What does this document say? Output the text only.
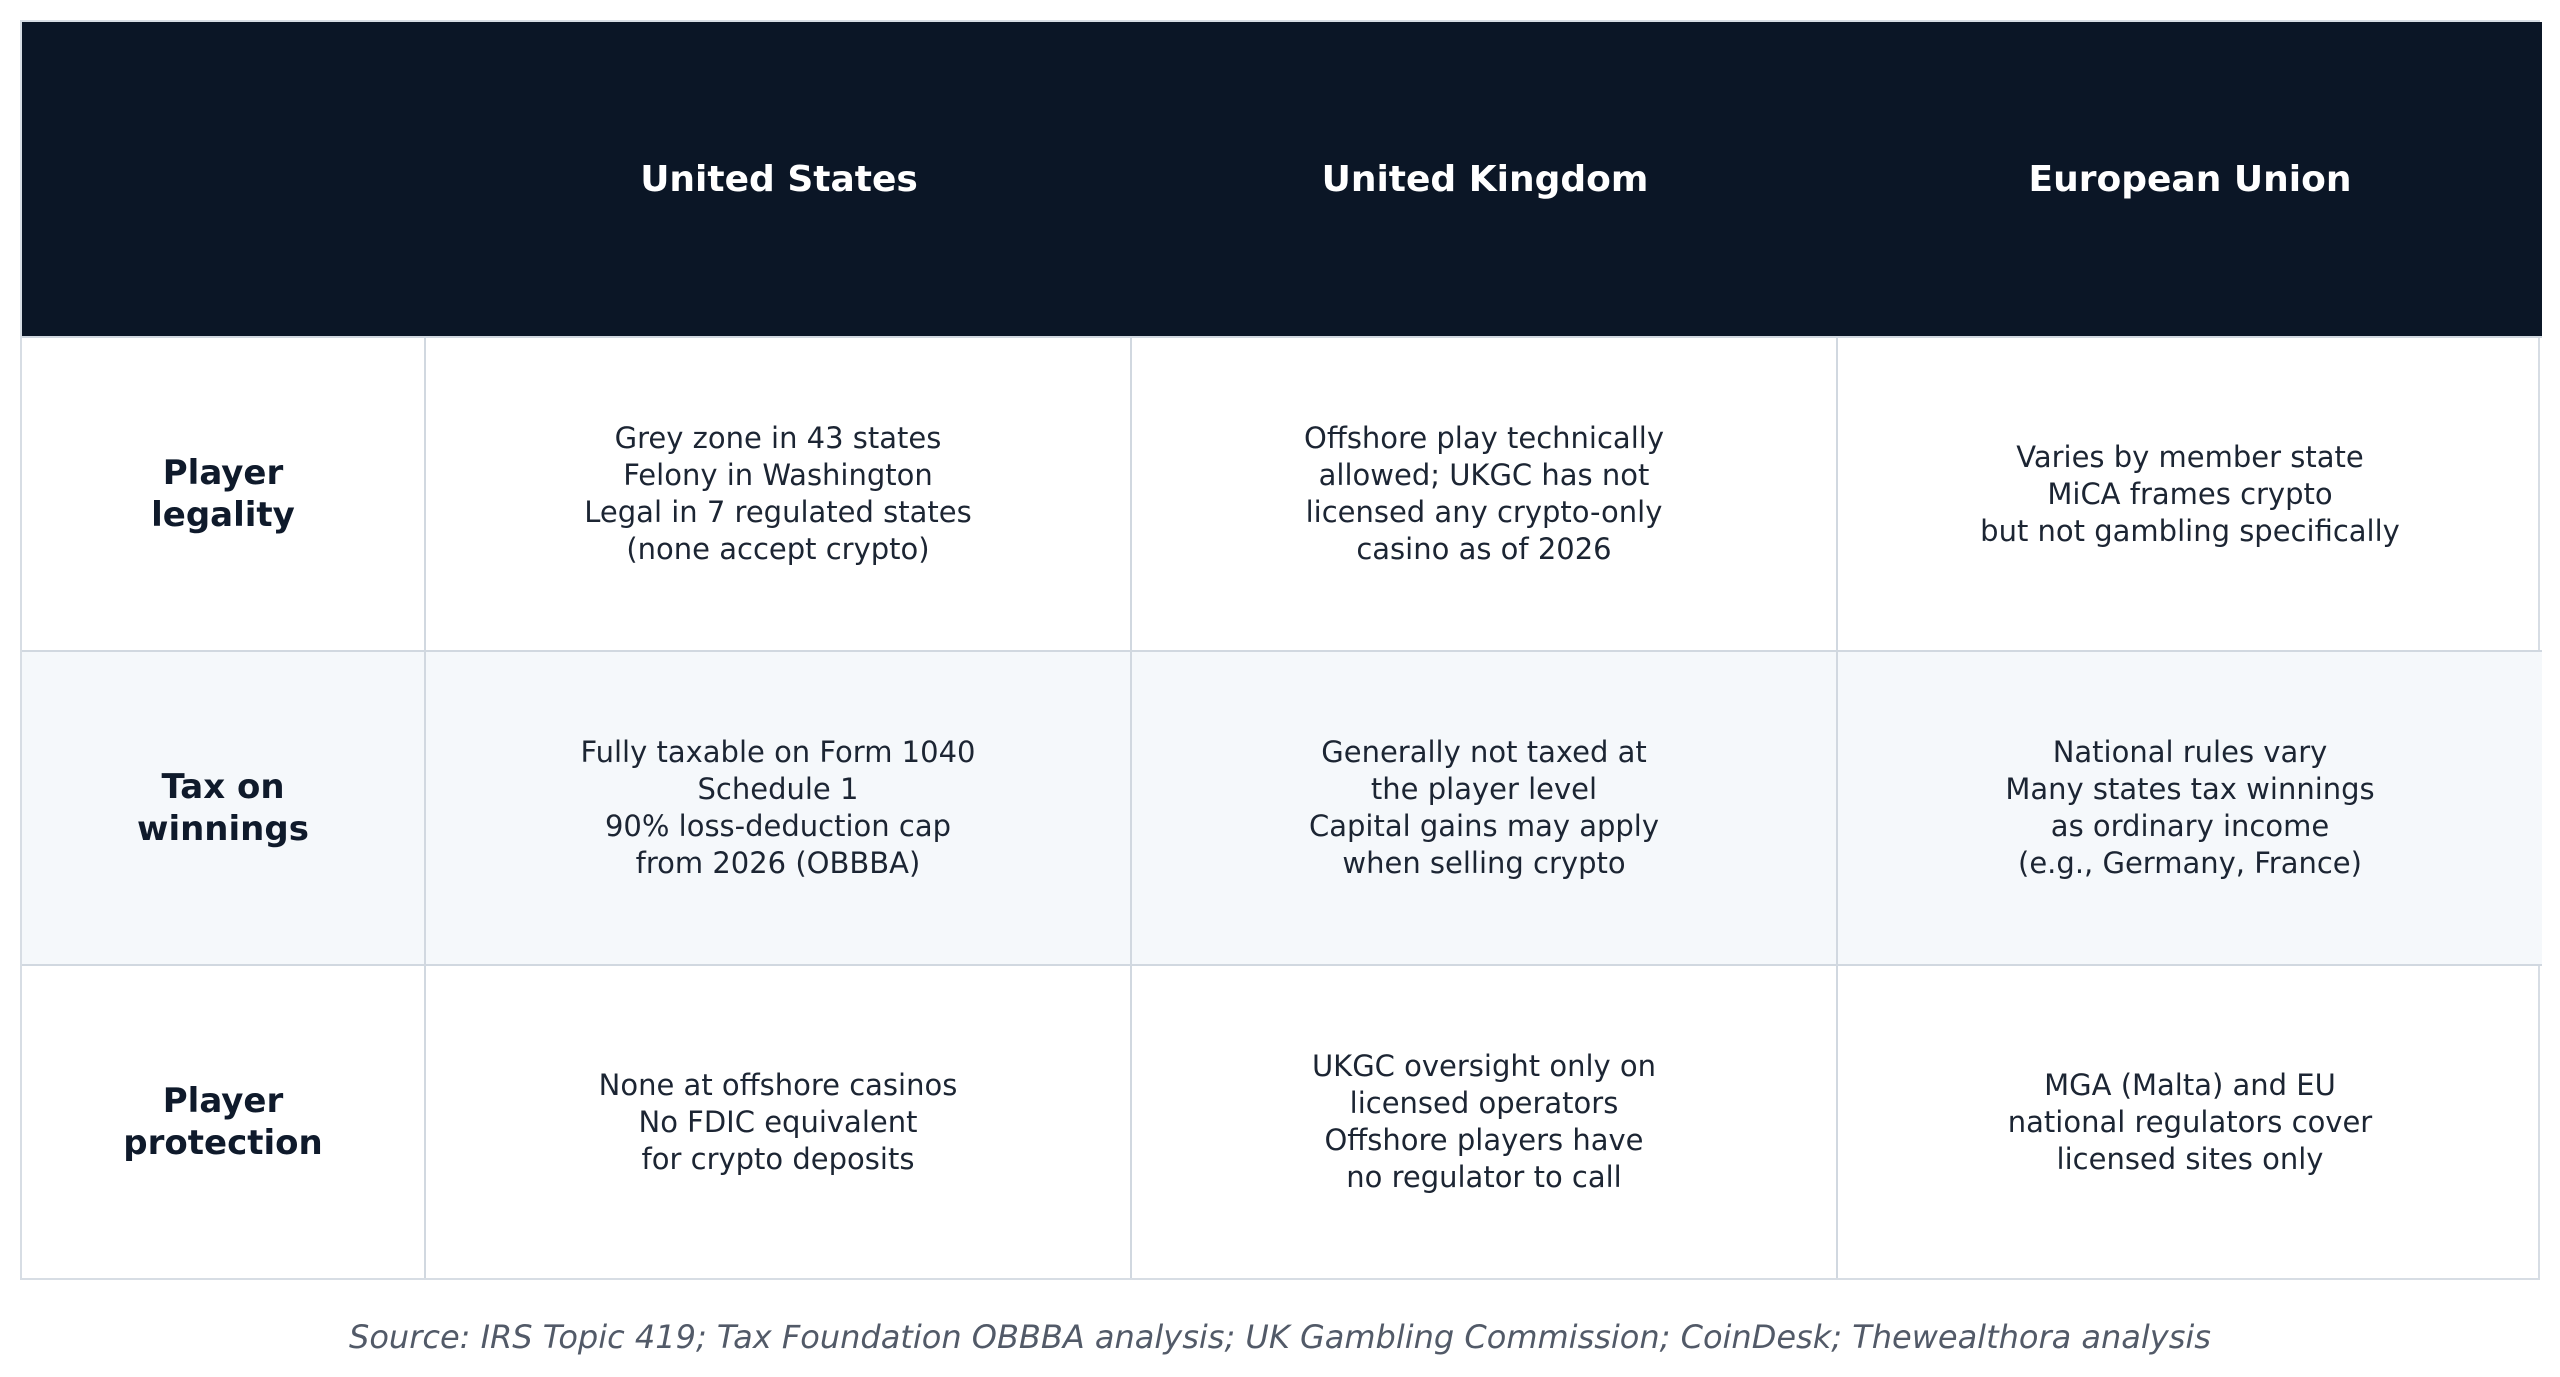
United States	United Kingdom	European Union
Player
legality
Grey zone in 43 states
Felony in Washington
Legal in 7 regulated states
(none accept crypto)
Offshore play technically
allowed; UKGC has not
licensed any crypto-only
casino as of 2026
Varies by member state
MiCA frames crypto
but not gambling specifically
Tax on
winnings
Fully taxable on Form 1040
Schedule 1
90% loss-deduction cap
from 2026 (OBBBA)
Generally not taxed at
the player level
Capital gains may apply
when selling crypto
National rules vary
Many states tax winnings
as ordinary income
(e.g., Germany, France)
Player
protection
None at offshore casinos
No FDIC equivalent
for crypto deposits
UKGC oversight only on
licensed operators
Offshore players have
no regulator to call
MGA (Malta) and EU
national regulators cover
licensed sites only
Source: IRS Topic 419; Tax Foundation OBBBA analysis; UK Gambling Commission; CoinDesk; Thewealthora analysis
